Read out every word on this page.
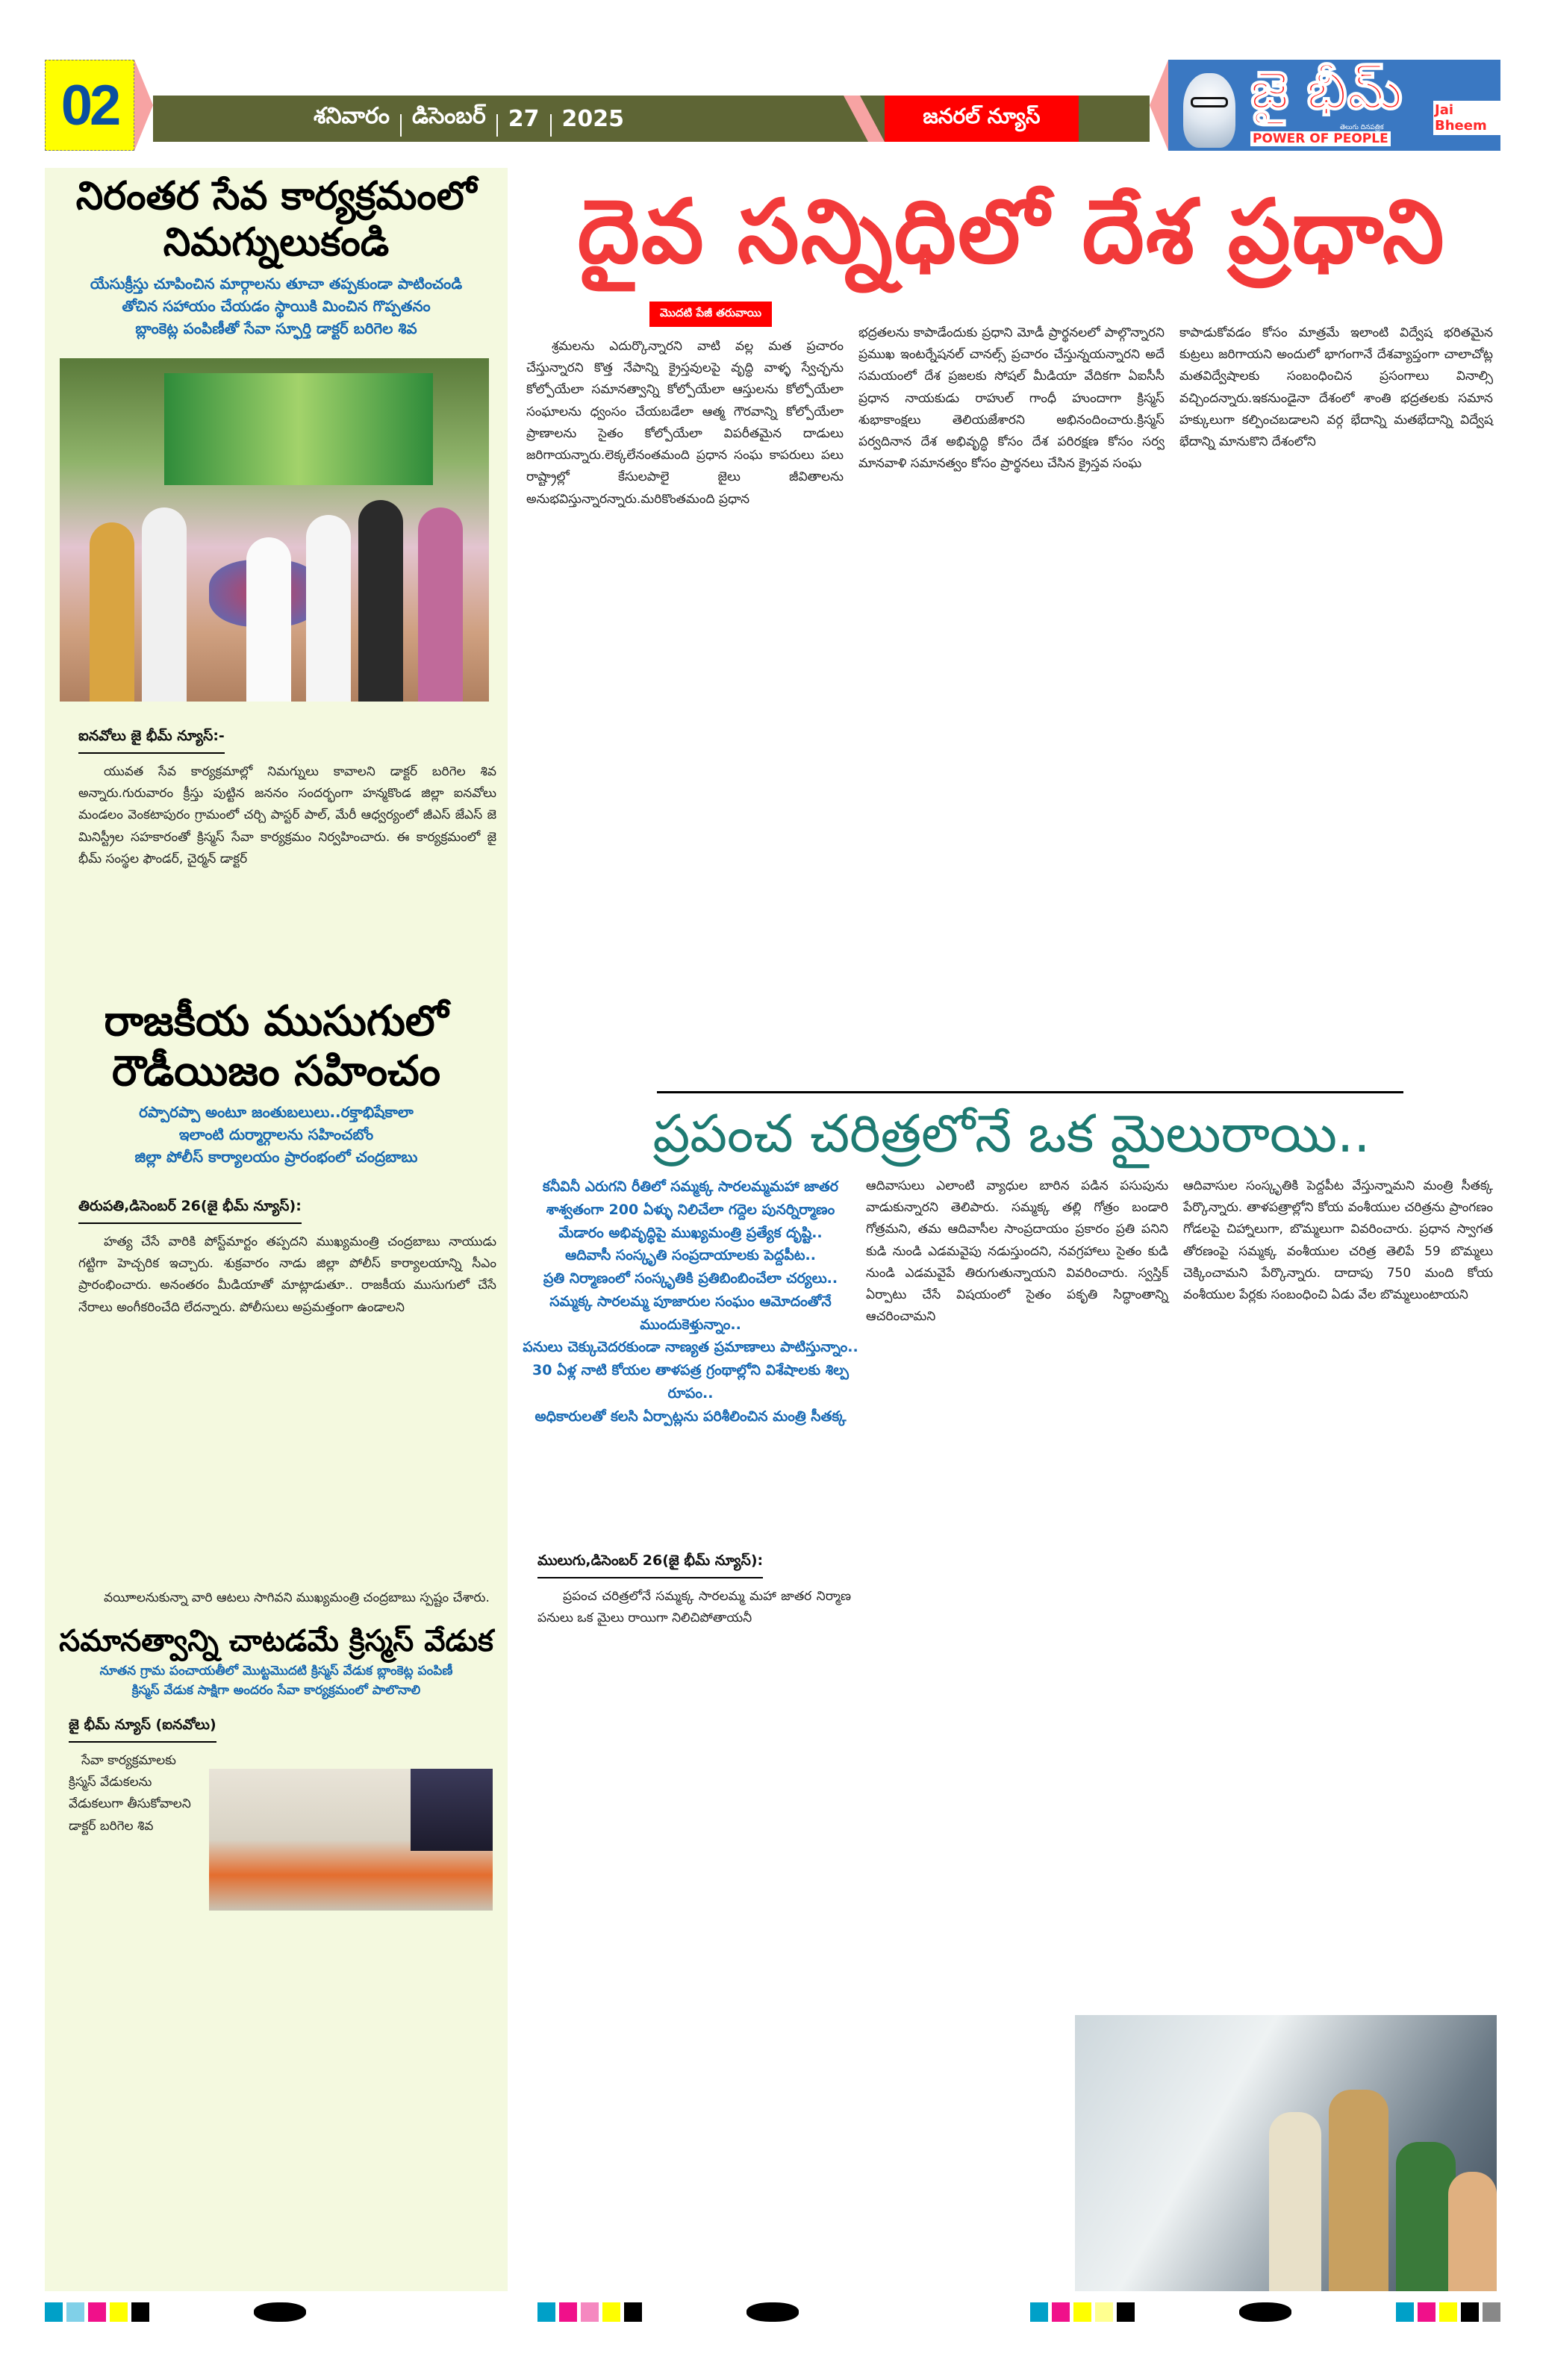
02	శనివారం డిసెంబర్ 27 2025	జనరల్ న్యూస్	జై భీమ్
తెలుగు దినపత్రిక
POWER OF PEOPLE
Jai Bheem
నిరంతర సేవ కార్యక్రమంలో నిమగ్నులుకండి
యేసుక్రీస్తు చూపించిన మార్గాలను తూచా తప్పకుండా పాటించండి
తోచిన సహాయం చేయడం స్థాయికి మించిన గొప్పతనం
బ్లాంకెట్ల పంపిణీతో సేవా స్ఫూర్తి డాక్టర్ బరిగెల శివ
ఐనవోలు జై భీమ్ న్యూస్:-

యువత సేవ కార్యక్రమాల్లో నిమగ్నులు కావాలని డాక్టర్ బరిగెల శివ అన్నారు.గురువారం క్రీస్తు పుట్టిన జననం సందర్భంగా హన్మకొండ జిల్లా ఐనవోలు మండలం వెంకటాపురం గ్రామంలో చర్చి పాస్టర్ పాల్, మేరీ ఆధ్వర్యంలో జీఎస్ జేఎస్ జె మినిస్ట్రీల సహకారంతో క్రిస్మస్ సేవా కార్యక్రమం నిర్వహించారు. ఈ కార్యక్రమంలో జై భీమ్ సంస్థల ఫౌండర్, చైర్మన్ డాక్టర్

రాజకీయ ముసుగులో రౌడీయిజం సహించం
రప్పారప్పా అంటూ జంతుబలులు..రక్తాభిషేకాలా
ఇలాంటి దుర్మార్గాలను సహించబోం
జిల్లా పోలీస్ కార్యాలయం ప్రారంభంలో చంద్రబాబు
తిరుపతి,డిసెంబర్ 26(జై భీమ్ న్యూస్):

హత్య చేసే వారికి పోస్ట్‌మార్టం తప్పదని ముఖ్యమంత్రి చంద్రబాబు నాయుడు గట్టిగా హెచ్చరిక ఇచ్చారు. శుక్రవారం నాడు జిల్లా పోలీస్ కార్యాలయాన్ని సీఎం ప్రారంభించారు. అనంతరం మీడియాతో మాట్లాడుతూ.. రాజకీయ ముసుగులో చేసే నేరాలు అంగీకరించేది లేదన్నారు. పోలీసులు అప్రమత్తంగా ఉండాలని

వయీాలనుకున్నా వారి ఆటలు సాగివని ముఖ్యమంత్రి చంద్రబాబు స్పష్టం చేశారు.

సమానత్వాన్ని చాటడమే క్రిస్మస్ వేడుక
నూతన గ్రామ పంచాయతీలో మొట్టమొదటి క్రిస్మస్ వేడుక బ్లాంకెట్ల పంపిణీ
క్రిస్మస్ వేడుక సాక్షిగా అందరం సేవా కార్యక్రమంలో పాలొనాలి
జై భీమ్ న్యూస్ (ఐనవోలు)

సేవా కార్యక్రమాలకు క్రిస్మస్ వేడుకలను వేడుకలుగా తీసుకోవాలని డాక్టర్ బరిగెల శివ

దైవ సన్నిధిలో దేశ ప్రధాని
మొదటి పేజీ తరువాయి

శ్రమలను ఎదుర్కొన్నారని వాటి వల్ల మత ప్రచారం చేస్తున్నారని కొత్త నేపాన్ని క్రైస్తవులపై వృద్ధి వాళ్ళ స్వేచ్ఛను కోల్పోయేలా సమానత్వాన్ని కోల్పోయేలా ఆస్తులను కోల్పోయేలా సంఘాలను ధ్వంసం చేయబడేలా ఆత్మ గౌరవాన్ని కోల్పోయేలా ప్రాణాలను సైతం కోల్పోయేలా విపరీతమైన దాడులు జరిగాయన్నారు.లెక్కలేనంతమంది ప్రధాన సంఘ కాపరులు పలు రాష్ట్రాల్లో కేసులపాలై జైలు జీవితాలను అనుభవిస్తున్నారన్నారు.మరికొంతమంది ప్రధాన

భద్రతలను కాపాడేందుకు ప్రధాని మోడీ ప్రార్థనలలో పాల్గొన్నారని ప్రముఖ ఇంటర్నేషనల్ చానల్స్ ప్రచారం చేస్తున్నయన్నారని అదే సమయంలో దేశ ప్రజలకు సోషల్ మీడియా వేదికగా ఏఐసీసీ ప్రధాన నాయకుడు రాహుల్ గాంధీ హుందాగా క్రిస్మస్ శుభాకాంక్షలు తెలియజేశారని అభినందించారు.క్రిస్మస్ పర్వదినాన దేశ అభివృద్ధి కోసం దేశ పరిరక్షణ కోసం సర్వ మానవాళి సమానత్వం కోసం ప్రార్థనలు చేసిన క్రైస్తవ సంఘ

కాపాడుకోవడం కోసం మాత్రమే ఇలాంటి విద్వేష భరితమైన కుట్రలు జరిగాయని అందులో భాగంగానే దేశవ్యాప్తంగా చాలాచోట్ల మతవిద్వేషాలకు సంబంధించిన ప్రసంగాలు వినాల్సి వచ్చిందన్నారు.ఇకనుండైనా దేశంలో శాంతి భద్రతలకు సమాన హక్కులుగా కల్పించబడాలని వర్గ భేదాన్ని మతభేదాన్ని విద్వేష భేదాన్ని మానుకొని దేశంలోని

ప్రపంచ చరిత్రలోనే ఒక మైలురాయి..

కనీవినీ ఎరుగని రీతిలో సమ్మక్క సారలమ్మమహా జాతర

శాశ్వతంగా 200 ఏళ్ళు నిలిచేలా గద్దెల పునర్నిర్మాణం

మేడారం అభివృద్ధిపై ముఖ్యమంత్రి ప్రత్యేక దృష్టి..

ఆదివాసీ సంస్కృతి సంప్రదాయాలకు పెద్దపీట..

ప్రతి నిర్మాణంలో సంస్కృతికి ప్రతిబింబించేలా చర్యలు..

సమ్మక్క సారలమ్మ పూజారుల సంఘం ఆమోదంతోనే ముందుకెళ్తున్నాం..

పనులు చెక్కుచెదరకుండా నాణ్యత ప్రమాణాలు పాటిస్తున్నాం..

30 ఏళ్ల నాటి కోయల తాళపత్ర గ్రంథాల్లోని విశేషాలకు శిల్ప రూపం..

అధికారులతో కలసి ఏర్పాట్లను పరిశీలించిన మంత్రి సీతక్క

ములుగు,డిసెంబర్ 26(జై భీమ్ న్యూస్):

ప్రపంచ చరిత్రలోనే సమ్మక్క సారలమ్మ మహా జాతర నిర్మాణ పనులు ఒక మైలు రాయిగా నిలిచిపోతాయనీ

ఆదివాసులు ఎలాంటి వ్యాధుల బారిన పడిన పసుపును వాడుకున్నారని తెలిపారు. సమ్మక్క తల్లి గోత్రం బండారి గోత్రమని, తమ ఆదివాసీల సాంప్రదాయం ప్రకారం ప్రతి పనిని కుడి నుండి ఎడమవైపు నడుస్తుందని, నవగ్రహాలు సైతం కుడి నుండి ఎడమవైపే తిరుగుతున్నాయని వివరించారు. స్వస్తిక్ ఏర్పాటు చేసే విషయంలో సైతం పకృతి సిద్ధాంతాన్ని ఆచరించామని

ఆదివాసుల సంస్కృతికి పెద్దపీట వేస్తున్నామని మంత్రి సీతక్క పేర్కొన్నారు. తాళపత్రాల్లోని కోయ వంశీయుల చరిత్రను ప్రాంగణం గోడలపై చిహ్నాలుగా, బొమ్మలుగా వివరించారు. ప్రధాన స్వాగత తోరణంపై సమ్మక్క వంశీయుల చరిత్ర తెలిపే 59 బొమ్మలు చెక్కించామని పేర్కొన్నారు. దాదాపు 750 మంది కోయ వంశీయుల పేర్లకు సంబంధించి ఏడు వేల బొమ్మలుంటాయని
